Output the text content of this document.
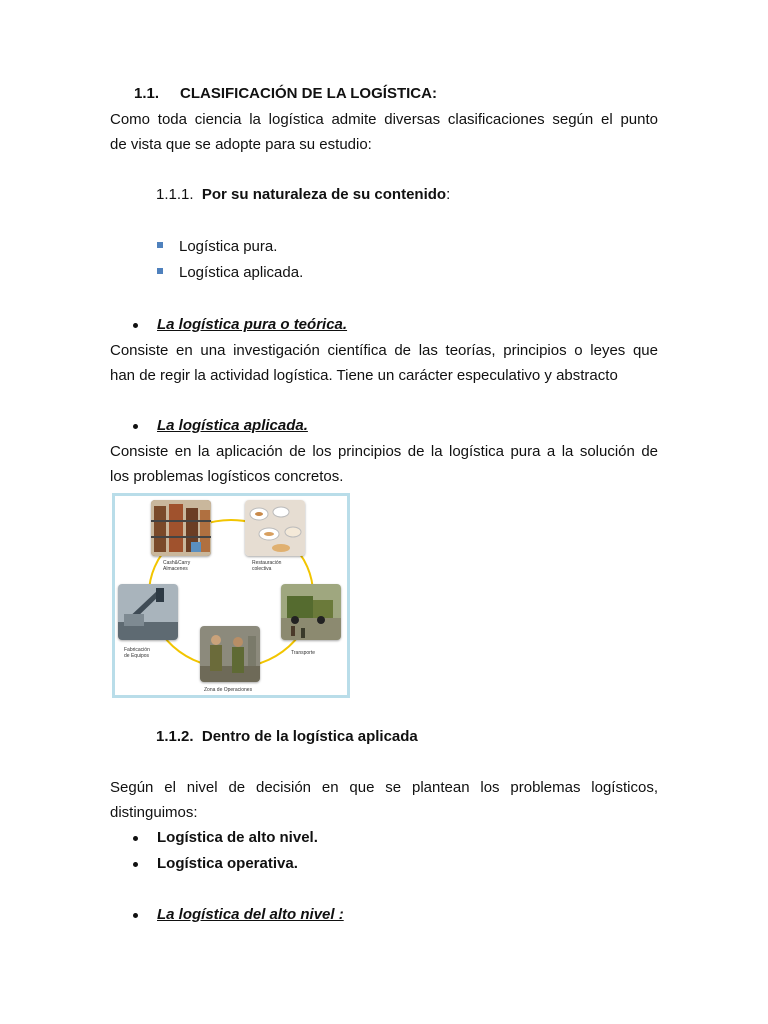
1.1. CLASIFICACIÓN DE LA LOGÍSTICA:
Como toda ciencia la logística admite diversas clasificaciones según el punto
de vista que se adopte para su estudio:
1.1.1. Por su naturaleza de su contenido:
Logística pura.
Logística aplicada.
La logística pura o teórica.
Consiste en una investigación científica de las teorías, principios o leyes que
han de regir la actividad logística. Tiene un carácter especulativo y abstracto
La logística aplicada.
Consiste en la aplicación de los principios de la logística pura a la solución de
los problemas logísticos concretos.
Cash&Carry
Almacenes
Restauración
colectiva
Fabricación
de Equipos	Transporte
Zona de Operaciones
1.1.2. Dentro de la logística aplicada
Según el nivel de decisión en que se plantean los problemas logísticos,
distinguimos:
Logística de alto nivel.
Logística operativa.
La logística del alto nivel :
